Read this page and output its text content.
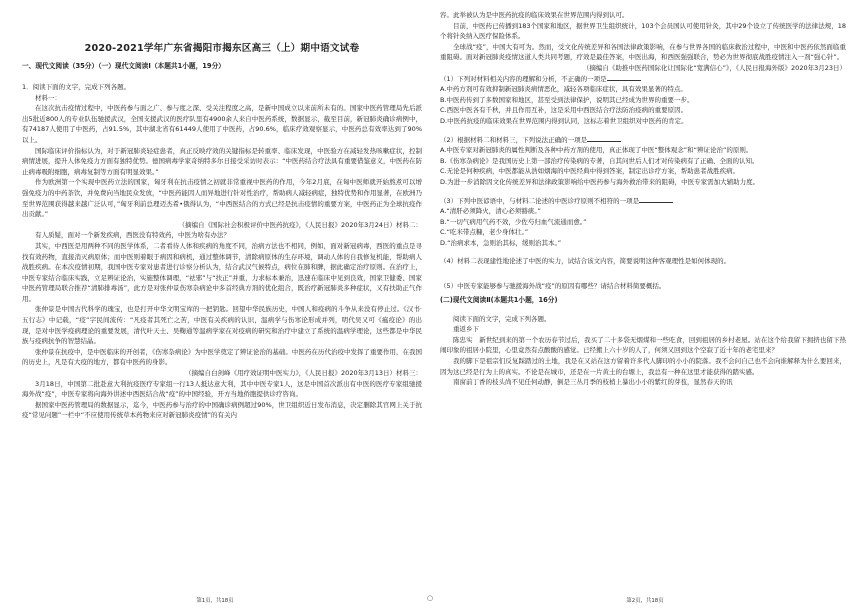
2020-2021学年广东省揭阳市揭东区高三（上）期中语文试卷
一、现代文阅读（35分）（一）现代文阅读Ⅰ（本题共1小题，19分）

1．阅读下面的文字，完成下列各题。

材料一：

在这次抗击疫情过程中，中医药参与面之广、参与度之深、受关注程度之高，是新中国成立以来前所未有的。国家中医药管理局先后派出5批近800人的专业队伍驰援武汉，全国支援武汉的医疗队里有4900余人来自中医药系统，数据显示，截至目前，新冠肺炎确诊病例中，有74187人使用了中医药，占91.5%，其中湖北省有61449人使用了中医药，占90.6%，临床疗效观察显示，中医药总有效率达到了90%以上。

国际临床评价指标认为，对于新冠肺炎轻症患者，真正反映疗效的关键指标是转重率、临床发现，中医验方在减轻发热咳嗽症状，控制病情进展，提升人体免疫力方面有独特优势。德国病毒学家奇纳特多尔日接受采访时表示：“中医药结合疗法具有重要借鉴意义，中医药在防止病毒吸附细胞，病毒复制等方面有明显效果。”

作为欧洲第一个实现中医药立法的国家，匈牙利在抗击疫情之初就非常重视中医药的作用，今年2月底，在匈中医师就开始熬煮可以增强免疫力的中药茶饮，并免费向当地民众发放，“中医药能因人而异地进行针对性治疗，帮助病人减轻病症，独特优势和作用显著，在欧洲乃至世界范围获得越来越广泛认可，”匈牙利前总理迈杰希•俄得认为，“中西医结合的方式已经是抗击疫情的重要方案，中医药正为全球抗疫作出贡献。”

（摘编自《国际社会积极评价中医药抗疫》，《人民日报》2020年3月24日）材料二：

有人质疑，面对一个新发疾病，西医没有特效药，中医为啥有办法？

其实，中西医是用两种不同的医学体系，二者看待人体和疾病的角度不同，治病方法也不相同，例如，面对新冠病毒，西医的重点是寻找有效药物，直接消灭病原体；而中医则着眼于病因和病机，通过整体调节，清除病原体的生存环境，调动人体的自我修复机能，帮助病人战胜疾病。在本次疫情初期，我国中医专家对患者进行诊察分析认为，结合武汉气候特点，病位在肺和脾，据此确定治疗原则。在治疗上，中医专家结合临床实践，立足辨证论治，实施整体调理，“祛邪”与“扶正”并重，力求标本兼治，迅速在临床中见到良效，国家卫健委、国家中医药管理局联合推荐“清肺排毒汤”，此方是对张仲景伤寒杂病论中多首经典方剂的优化组合，既治疗新冠肺炎多种症状，又有扶助正气作用。

张仲景是中国古代科学的瑰宝，也是打开中华文明宝库的一把钥匙。回望中华民族历史，中国人和疫病的斗争从来没有停止过。《汉书·五行志》中记载，“疫”字民间流传：“凡疫者其死亡之苦，中医有关疾病的认识，温病学与伤寒论形成并列，明代吴又可《瘟疫论》的出现，是对中医学疫病理论的重要发展，清代叶天士、吴鞠通等温病学家在对疫病的研究和治疗中建立了系统的温病学理论，这些都是中华民族与疫病抗争的智慧结晶。

张仲景在抗疫中，是中医临床的开创者，《伤寒杂病论》为中医学奠定了辨证论治的基础。中医药在历代治疫中发挥了重要作用，在我国的历史上，凡是有大疫的地方，都有中医药的身影。

（摘编自白剑峰《用疗效证明中医实力》，《人民日报》2020年3月13日）材料三：

3月18日，中国第二批赴意大利抗疫医疗专家组一行13人抵达意大利，其中中医专家1人，这是中国首次派出有中医的医疗专家组驰援海外战“疫”，中医专家将向海外讲述中西医结合战“疫”的中国经验，开方当地侨胞提供诊疗咨询。

据国家中医药管理局的数据显示，迄今，中医药参与治疗的中国确诊病例超过90%，世卫组织近日发布消息，决定删除其官网上关于抗疫“常见问题”一栏中“不应使用传统草本药物来应对新冠肺炎疫情”的有关内

容。此举被认为是中医药抗疫的临床效果在世界范围内得到认可。

目前，中医药已传播到183个国家和地区，据世界卫生组织统计，103个会员国认可使用针灸，其中29个设立了传统医学的法律法规，18个将针灸纳入医疗保险体系。

全球战“疫”，中国大有可为。然而，受文化传统差异和各国法律政策影响，在参与世界各国的临床救治过程中，中医和中医药依然面临重重阻碍。面对新冠肺炎疫情这道人类共同考题，疗效是最佳答案，中医出海，和西医强强联合，势必为世界彻底战胜疫情注入一剂“强心针”。

（摘编自《助推中医药国际化让国际化“宽满信心”》，《人民日报海外版》2020年3月23日）

（1）下列对材料相关内容的理解和分析，不正确的一项是

A.中药方剂可有效抑制新冠肺炎病情恶化，减轻各项临床症状，具有效果显著的特点。

B.中医药传到了多数国家和地区，甚至受到法律保护，说明其已经成为世界的重要一步。

C.西医中医各有千秋，并且作用互补，这是采用中西医结合疗法防治疫病的重要原因。

D.中医药抗疫的临床效果在世界范围内得到认同，这标志着世卫组织对中医药的肯定。

（2）根据材料二和材料三，下列说法正确的一项是

A.中医专家对新冠肺炎的属性判断及各种中药方剂的使用，真正体现了中医“整体观念”和“辨证论治”的原则。

B.《伤寒杂病论》是我国历史上第一部治疗传染病的专著，自其问世后人们才对传染病有了正确、全面的认知。

C.无论是何种疾病，中医都能从浩如烟海的中医经典中得到答案，制定出诊疗方案，帮助患者战胜疾病。

D.为进一步消除因文化传统差异和法律政策影响给中医药参与海外救治带来的阻碍，中医专家需加大辅助力度。

（3）下列中医谚语中，与材料二论述的中医诊疗原则不相符的一项是

A.“清肝必须降火，清心必须豁痰。”

B.“一切气病用气药不效，少佐芍归血气流通而愈。”

C.“吃米带点糠，老少身体壮。”

D.“治病求本，急则治其标，缓则治其本。”

（4）材料二表现建性地论述了中医的实力，试结合该文内容，简要说明这种客观理性是如何体现的。

（5）中医专家能够参与驰援海外战“疫”的原因有哪些？请结合材料简要概括。

(二)现代文阅读Ⅱ(本题共1小题，16分)

阅读下面的文字，完成下列各题。

重返乡下

陈忠实　新世纪到来的第一个农历春节过后，我买了二十多袋无烟煤和一些吃食，回到祖居的乡村老屋。站在这个给我留下拥挤也留下热闹印象的祖居小院里，心里竟然有点酸酸的感觉。已经搬上六十岁的人了，何须又回到这个空寂了近十年的老宅里来？

我的脚下是祖宗们反复踩踏过的土地，我是在又站在这方留着许多代人脚印的小小的院落。我不会问自己也不会向谁解释为什么要回来，因为这已经是行为上的真实。不论是在城市，还是在一片黄土的台塬上，我总有一种在这里才能获得的踏实感。

南窗前丁香的枝头尚不见任何动静，倒是三丛月季的枝梢上暴出小小的紫红的芽苞，显然春天的讯

第1页，共18页	○	第2页，共18页
